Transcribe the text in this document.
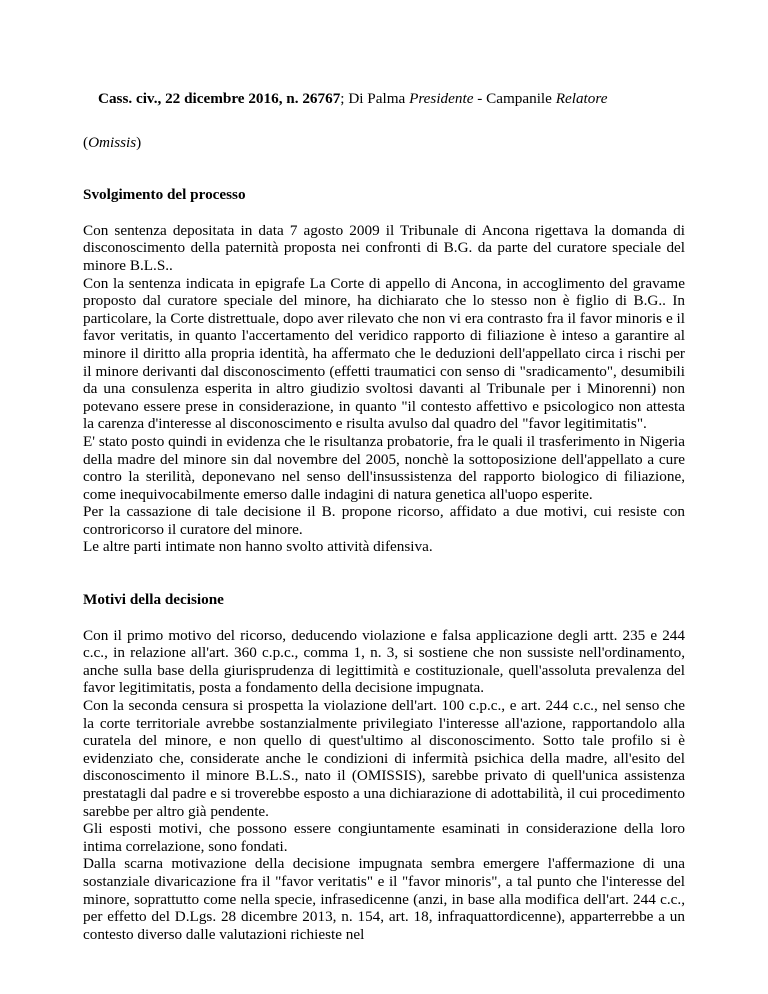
Cass. civ., 22 dicembre 2016, n. 26767; Di Palma Presidente - Campanile Relatore
(Omissis)
Svolgimento del processo

Con sentenza depositata in data 7 agosto 2009 il Tribunale di Ancona rigettava la domanda di disconoscimento della paternità proposta nei confronti di B.G. da parte del curatore speciale del minore B.L.S..

Con la sentenza indicata in epigrafe La Corte di appello di Ancona, in accoglimento del gravame proposto dal curatore speciale del minore, ha dichiarato che lo stesso non è figlio di B.G.. In particolare, la Corte distrettuale, dopo aver rilevato che non vi era contrasto fra il favor minoris e il favor veritatis, in quanto l'accertamento del veridico rapporto di filiazione è inteso a garantire al minore il diritto alla propria identità, ha affermato che le deduzioni dell'appellato circa i rischi per il minore derivanti dal disconoscimento (effetti traumatici con senso di "sradicamento", desumibili da una consulenza esperita in altro giudizio svoltosi davanti al Tribunale per i Minorenni) non potevano essere prese in considerazione, in quanto "il contesto affettivo e psicologico non attesta la carenza d'interesse al disconoscimento e risulta avulso dal quadro del "favor legitimitatis".

E' stato posto quindi in evidenza che le risultanza probatorie, fra le quali il trasferimento in Nigeria della madre del minore sin dal novembre del 2005, nonchè la sottoposizione dell'appellato a cure contro la sterilità, deponevano nel senso dell'insussistenza del rapporto biologico di filiazione, come inequivocabilmente emerso dalle indagini di natura genetica all'uopo esperite.

Per la cassazione di tale decisione il B. propone ricorso, affidato a due motivi, cui resiste con controricorso il curatore del minore.

Le altre parti intimate non hanno svolto attività difensiva.

Motivi della decisione

Con il primo motivo del ricorso, deducendo violazione e falsa applicazione degli artt. 235 e 244 c.c., in relazione all'art. 360 c.p.c., comma 1, n. 3, si sostiene che non sussiste nell'ordinamento, anche sulla base della giurisprudenza di legittimità e costituzionale, quell'assoluta prevalenza del favor legitimitatis, posta a fondamento della decisione impugnata.

Con la seconda censura si prospetta la violazione dell'art. 100 c.p.c., e art. 244 c.c., nel senso che la corte territoriale avrebbe sostanzialmente privilegiato l'interesse all'azione, rapportandolo alla curatela del minore, e non quello di quest'ultimo al disconoscimento. Sotto tale profilo si è evidenziato che, considerate anche le condizioni di infermità psichica della madre, all'esito del disconoscimento il minore B.L.S., nato il (OMISSIS), sarebbe privato di quell'unica assistenza prestatagli dal padre e si troverebbe esposto a una dichiarazione di adottabilità, il cui procedimento sarebbe per altro già pendente.

Gli esposti motivi, che possono essere congiuntamente esaminati in considerazione della loro intima correlazione, sono fondati.

Dalla scarna motivazione della decisione impugnata sembra emergere l'affermazione di una sostanziale divaricazione fra il "favor veritatis" e il "favor minoris", a tal punto che l'interesse del minore, soprattutto come nella specie, infrasedicenne (anzi, in base alla modifica dell'art. 244 c.c., per effetto del D.Lgs. 28 dicembre 2013, n. 154, art. 18, infraquattordicenne), apparterrebbe a un contesto diverso dalle valutazioni richieste nel
